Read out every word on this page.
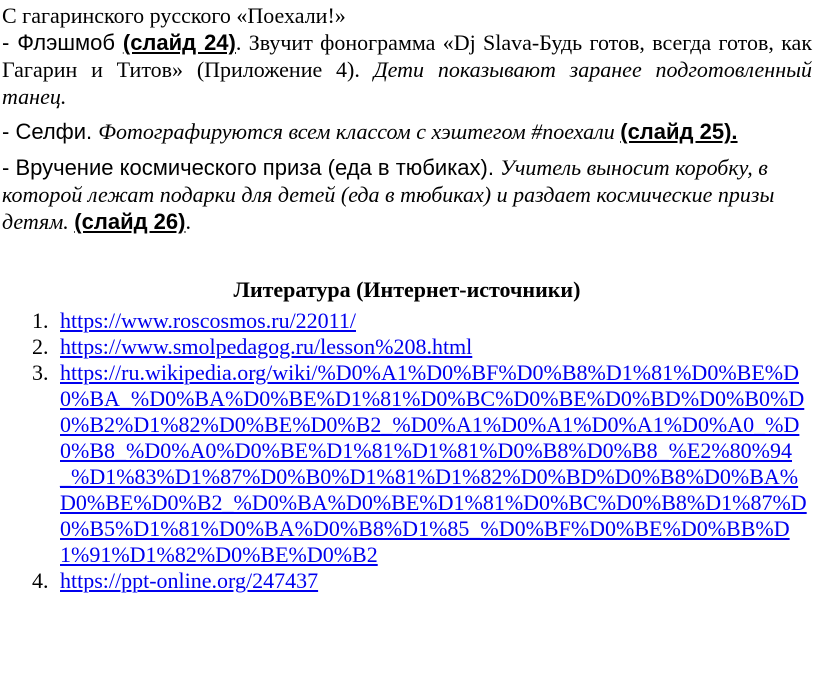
С гагаринского русского «Поехали!»

- Флэшмоб (слайд 24). Звучит фонограмма «Dj Slava-Будь готов, всегда готов, как Гагарин и Титов» (Приложение 4). Дети показывают заранее подготовленный танец.

- Селфи. Фотографируются всем классом с хэштегом #поехали (слайд 25).

- Вручение космического приза (еда в тюбиках). Учитель выносит коробку, в которой лежат подарки для детей (еда в тюбиках) и раздает космические призы детям. (слайд 26).

Литература (Интернет-источники)
1. https://www.roscosmos.ru/22011/
2. https://www.smolpedagog.ru/lesson%208.html
3. https://ru.wikipedia.org/wiki/%D0%A1%D0%BF%D0%B8%D1%81%D0%BE%D0%BA_%D0%BA%D0%BE%D1%81%D0%BC%D0%BE%D0%BD%D0%B0%D0%B2%D1%82%D0%BE%D0%B2_%D0%A1%D0%A1%D0%A1%D0%A0_%D0%B8_%D0%A0%D0%BE%D1%81%D1%81%D0%B8%D0%B8_%E2%80%94_%D1%83%D1%87%D0%B0%D1%81%D1%82%D0%BD%D0%B8%D0%BA%D0%BE%D0%B2_%D0%BA%D0%BE%D1%81%D0%BC%D0%B8%D1%87%D0%B5%D1%81%D0%BA%D0%B8%D1%85_%D0%BF%D0%BE%D0%BB%D1%91%D1%82%D0%BE%D0%B2
4. https://ppt-online.org/247437
